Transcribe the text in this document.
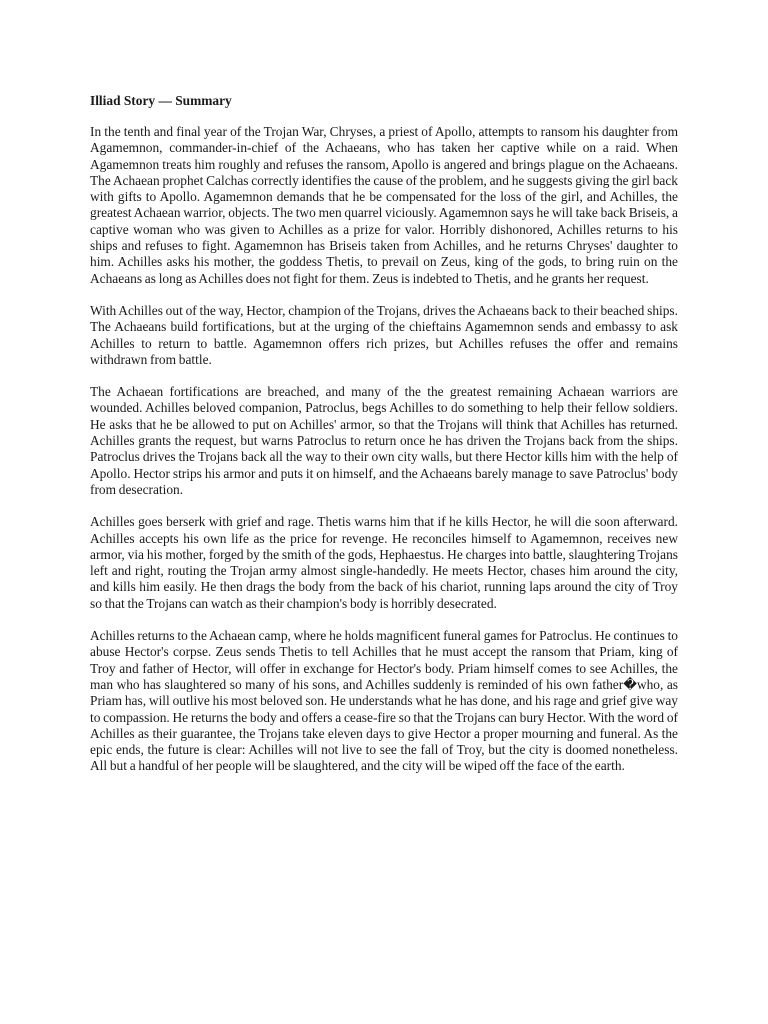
Illiad Story — Summary

In the tenth and final year of the Trojan War, Chryses, a priest of Apollo, attempts to ransom his daughter from Agamemnon, commander-in-chief of the Achaeans, who has taken her captive while on a raid. When Agamemnon treats him roughly and refuses the ransom, Apollo is angered and brings plague on the Achaeans. The Achaean prophet Calchas correctly identifies the cause of the problem, and he suggests giving the girl back with gifts to Apollo. Agamemnon demands that he be compensated for the loss of the girl, and Achilles, the greatest Achaean warrior, objects. The two men quarrel viciously. Agamemnon says he will take back Briseis, a captive woman who was given to Achilles as a prize for valor. Horribly dishonored, Achilles returns to his ships and refuses to fight. Agamemnon has Briseis taken from Achilles, and he returns Chryses' daughter to him. Achilles asks his mother, the goddess Thetis, to prevail on Zeus, king of the gods, to bring ruin on the Achaeans as long as Achilles does not fight for them. Zeus is indebted to Thetis, and he grants her request.

With Achilles out of the way, Hector, champion of the Trojans, drives the Achaeans back to their beached ships. The Achaeans build fortifications, but at the urging of the chieftains Agamemnon sends and embassy to ask Achilles to return to battle. Agamemnon offers rich prizes, but Achilles refuses the offer and remains withdrawn from battle.

The Achaean fortifications are breached, and many of the the greatest remaining Achaean warriors are wounded. Achilles beloved companion, Patroclus, begs Achilles to do something to help their fellow soldiers. He asks that he be allowed to put on Achilles' armor, so that the Trojans will think that Achilles has returned. Achilles grants the request, but warns Patroclus to return once he has driven the Trojans back from the ships. Patroclus drives the Trojans back all the way to their own city walls, but there Hector kills him with the help of Apollo. Hector strips his armor and puts it on himself, and the Achaeans barely manage to save Patroclus' body from desecration.

Achilles goes berserk with grief and rage. Thetis warns him that if he kills Hector, he will die soon afterward. Achilles accepts his own life as the price for revenge. He reconciles himself to Agamemnon, receives new armor, via his mother, forged by the smith of the gods, Hephaestus. He charges into battle, slaughtering Trojans left and right, routing the Trojan army almost single-handedly. He meets Hector, chases him around the city, and kills him easily. He then drags the body from the back of his chariot, running laps around the city of Troy so that the Trojans can watch as their champion's body is horribly desecrated.

Achilles returns to the Achaean camp, where he holds magnificent funeral games for Patroclus. He continues to abuse Hector's corpse. Zeus sends Thetis to tell Achilles that he must accept the ransom that Priam, king of Troy and father of Hector, will offer in exchange for Hector's body. Priam himself comes to see Achilles, the man who has slaughtered so many of his sons, and Achilles suddenly is reminded of his own father�who, as Priam has, will outlive his most beloved son. He understands what he has done, and his rage and grief give way to compassion. He returns the body and offers a cease-fire so that the Trojans can bury Hector. With the word of Achilles as their guarantee, the Trojans take eleven days to give Hector a proper mourning and funeral. As the epic ends, the future is clear: Achilles will not live to see the fall of Troy, but the city is doomed nonetheless. All but a handful of her people will be slaughtered, and the city will be wiped off the face of the earth.
